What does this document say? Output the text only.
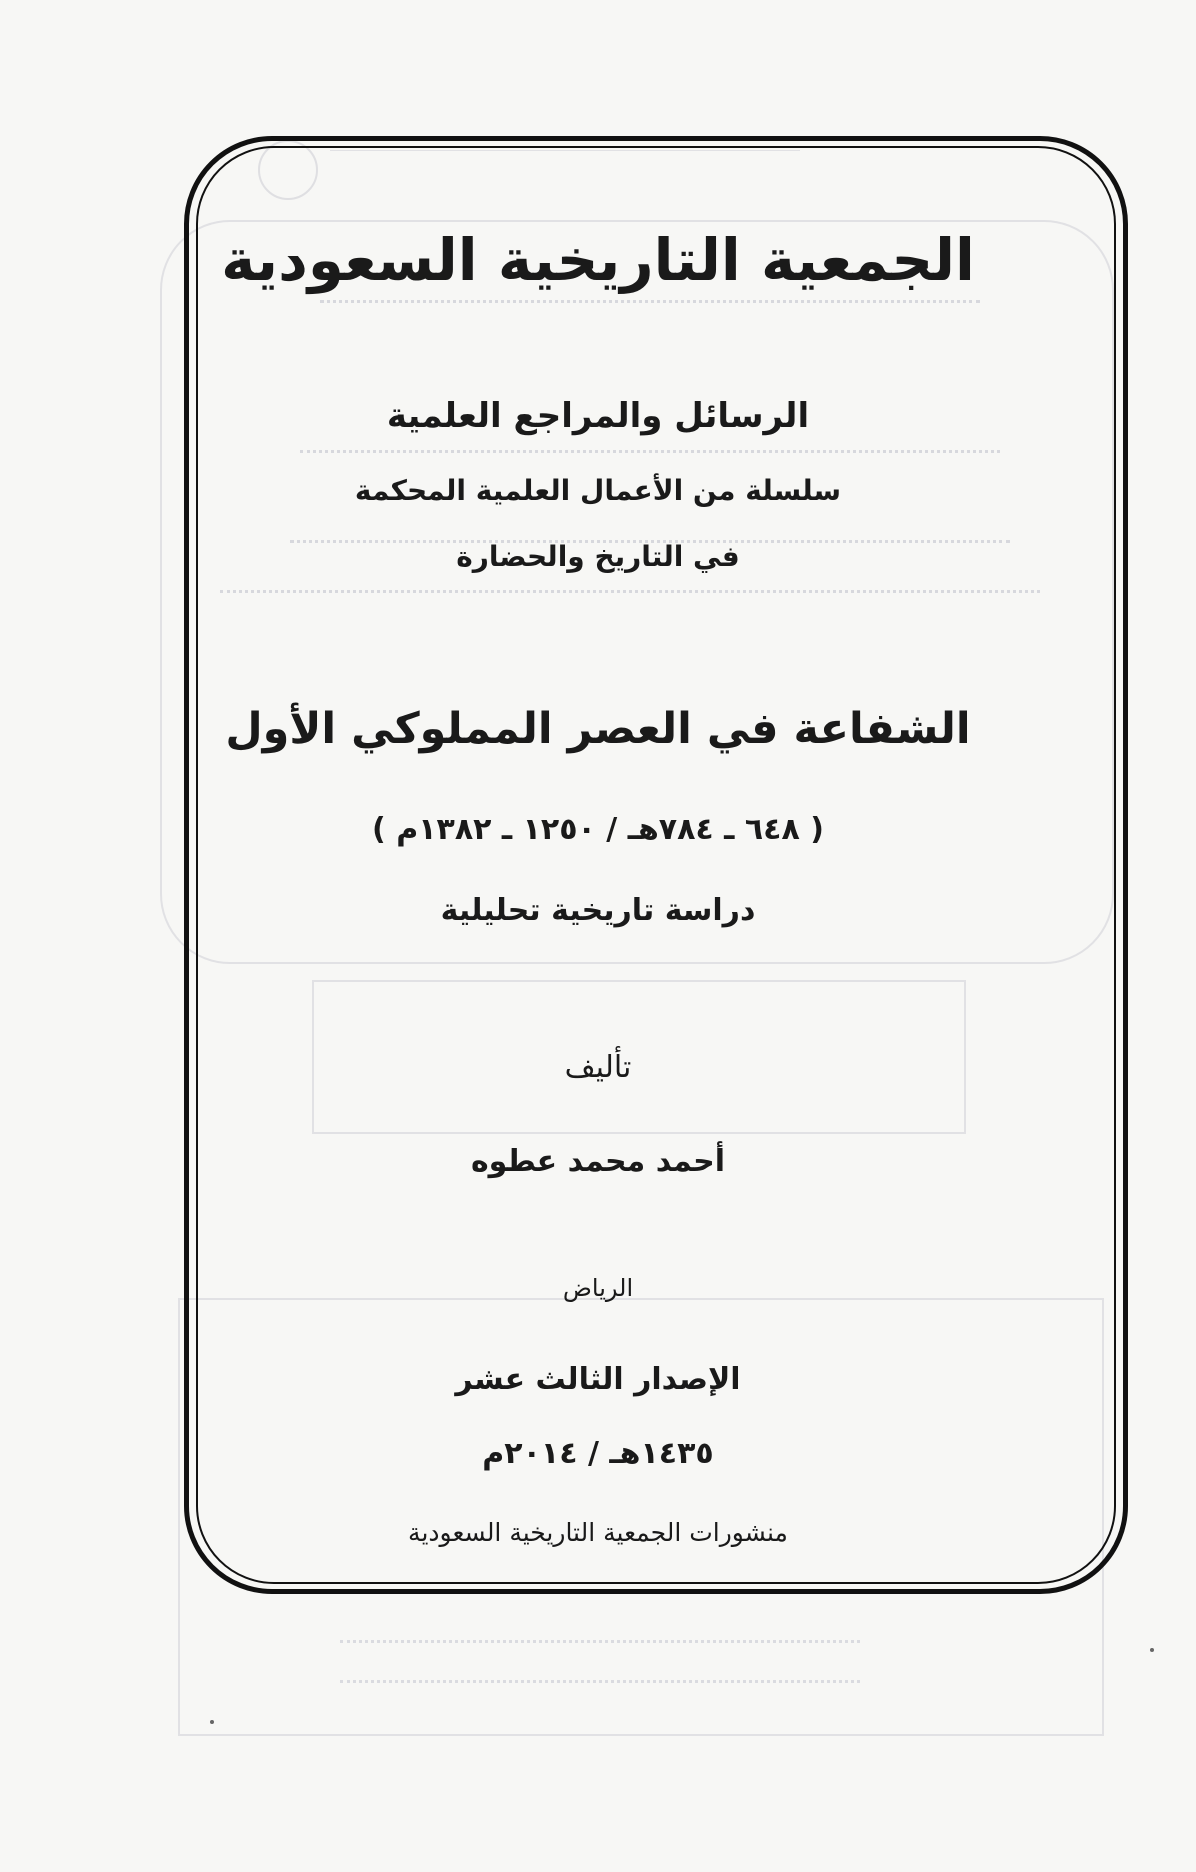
الجمعية التاريخية السعودية
الرسائل والمراجع العلمية
سلسلة من الأعمال العلمية المحكمة
في التاريخ والحضارة
الشفاعة في العصر المملوكي الأول
( ٦٤٨ ـ ٧٨٤هـ / ١٢٥٠ ـ ١٣٨٢م )
دراسة تاريخية تحليلية
تأليف
أحمد محمد عطوه
الرياض
الإصدار الثالث عشر
١٤٣٥هـ / ٢٠١٤م
منشورات الجمعية التاريخية السعودية
